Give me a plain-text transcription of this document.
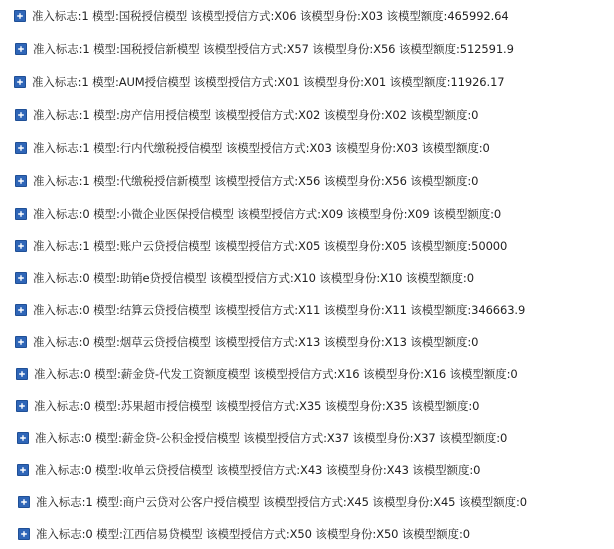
准入标志:1 模型:国税授信模型 该模型授信方式:X06 该模型身份:X03 该模型额度:465992.64
准入标志:1 模型:国税授信新模型 该模型授信方式:X57 该模型身份:X56 该模型额度:512591.9
准入标志:1 模型:AUM授信模型 该模型授信方式:X01 该模型身份:X01 该模型额度:11926.17
准入标志:1 模型:房产信用授信模型 该模型授信方式:X02 该模型身份:X02 该模型额度:0
准入标志:1 模型:行内代缴税授信模型 该模型授信方式:X03 该模型身份:X03 该模型额度:0
准入标志:1 模型:代缴税授信新模型 该模型授信方式:X56 该模型身份:X56 该模型额度:0
准入标志:0 模型:小微企业医保授信模型 该模型授信方式:X09 该模型身份:X09 该模型额度:0
准入标志:1 模型:账户云贷授信模型 该模型授信方式:X05 该模型身份:X05 该模型额度:50000
准入标志:0 模型:助销e贷授信模型 该模型授信方式:X10 该模型身份:X10 该模型额度:0
准入标志:0 模型:结算云贷授信模型 该模型授信方式:X11 该模型身份:X11 该模型额度:346663.9
准入标志:0 模型:烟草云贷授信模型 该模型授信方式:X13 该模型身份:X13 该模型额度:0
准入标志:0 模型:薪金贷-代发工资额度模型 该模型授信方式:X16 该模型身份:X16 该模型额度:0
准入标志:0 模型:苏果超市授信模型 该模型授信方式:X35 该模型身份:X35 该模型额度:0
准入标志:0 模型:薪金贷-公积金授信模型 该模型授信方式:X37 该模型身份:X37 该模型额度:0
准入标志:0 模型:收单云贷授信模型 该模型授信方式:X43 该模型身份:X43 该模型额度:0
准入标志:1 模型:商户云贷对公客户授信模型 该模型授信方式:X45 该模型身份:X45 该模型额度:0
准入标志:0 模型:江西信易贷模型 该模型授信方式:X50 该模型身份:X50 该模型额度:0
